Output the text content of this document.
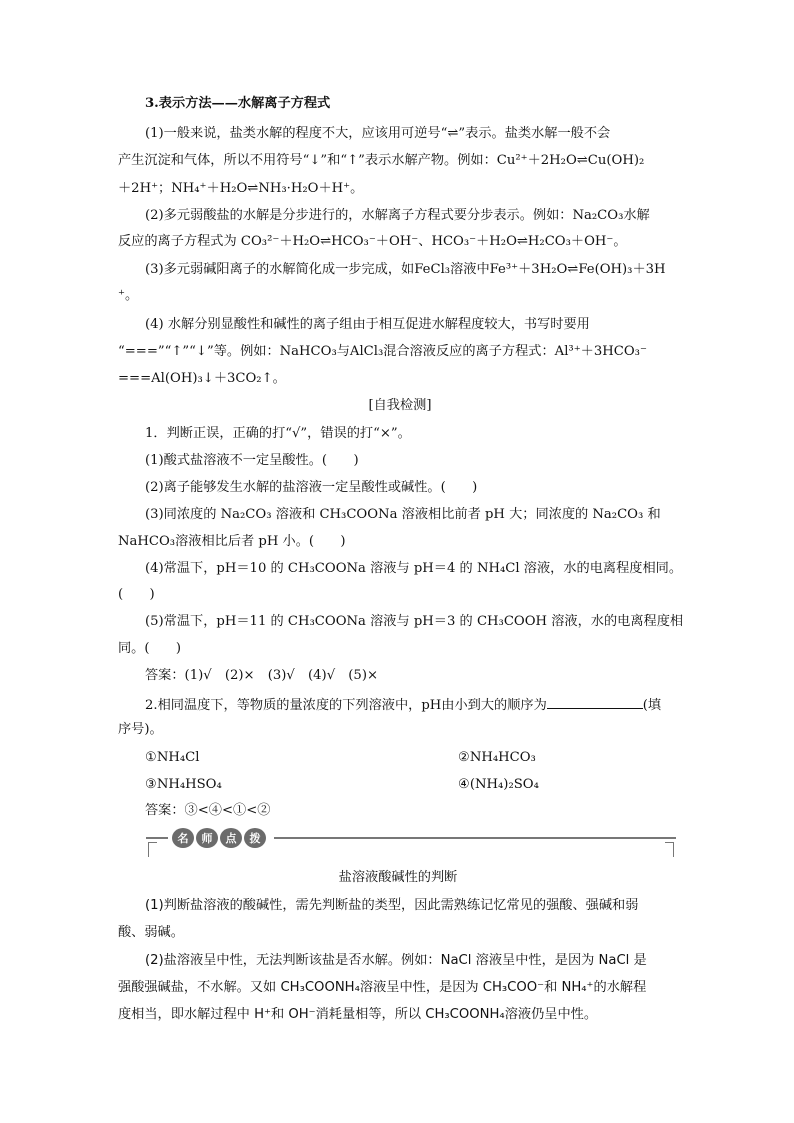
3.表示方法——水解离子方程式
(1)一般来说，盐类水解的程度不大，应该用可逆号“⇌”表示。盐类水解一般不会
产生沉淀和气体，所以不用符号“↓”和“↑”表示水解产物。例如：Cu²⁺＋2H₂O⇌Cu(OH)₂
＋2H⁺；NH₄⁺＋H₂O⇌NH₃·H₂O＋H⁺。
(2)多元弱酸盐的水解是分步进行的，水解离子方程式要分步表示。例如：Na₂CO₃水解
反应的离子方程式为 CO₃²⁻＋H₂O⇌HCO₃⁻＋OH⁻、HCO₃⁻＋H₂O⇌H₂CO₃＋OH⁻。
(3)多元弱碱阳离子的水解简化成一步完成，如FeCl₃溶液中Fe³⁺＋3H₂O⇌Fe(OH)₃＋3H
⁺。
(4) 水解分别显酸性和碱性的离子组由于相互促进水解程度较大，书写时要用
“===”“↑”“↓”等。例如：NaHCO₃与AlCl₃混合溶液反应的离子方程式：Al³⁺＋3HCO₃⁻
===Al(OH)₃↓＋3CO₂↑。
[自我检测]
1．判断正误，正确的打“√”，错误的打“×”。
(1)酸式盐溶液不一定呈酸性。(　　)
(2)离子能够发生水解的盐溶液一定呈酸性或碱性。(　　)
(3)同浓度的 Na₂CO₃ 溶液和 CH₃COONa 溶液相比前者 pH 大；同浓度的 Na₂CO₃ 和
NaHCO₃溶液相比后者 pH 小。(　　)
(4)常温下，pH＝10 的 CH₃COONa 溶液与 pH＝4 的 NH₄Cl 溶液，水的电离程度相同。
(　　)
(5)常温下，pH＝11 的 CH₃COONa 溶液与 pH＝3 的 CH₃COOH 溶液，水的电离程度相
同。(　　)
答案：(1)√　(2)×　(3)√　(4)√　(5)×
2.相同温度下，等物质的量浓度的下列溶液中，pH由小到大的顺序为	(填
序号)。
①NH₄Cl	②NH₄HCO₃
③NH₄HSO₄	④(NH₄)₂SO₄
答案：③<④<①<②
名	师	点	拨
盐溶液酸碱性的判断
(1)判断盐溶液的酸碱性，需先判断盐的类型，因此需熟练记忆常见的强酸、强碱和弱
酸、弱碱。
(2)盐溶液呈中性，无法判断该盐是否水解。例如：NaCl 溶液呈中性，是因为 NaCl 是
强酸强碱盐，不水解。又如 CH₃COONH₄溶液呈中性，是因为 CH₃COO⁻和 NH₄⁺的水解程
度相当，即水解过程中 H⁺和 OH⁻消耗量相等，所以 CH₃COONH₄溶液仍呈中性。
